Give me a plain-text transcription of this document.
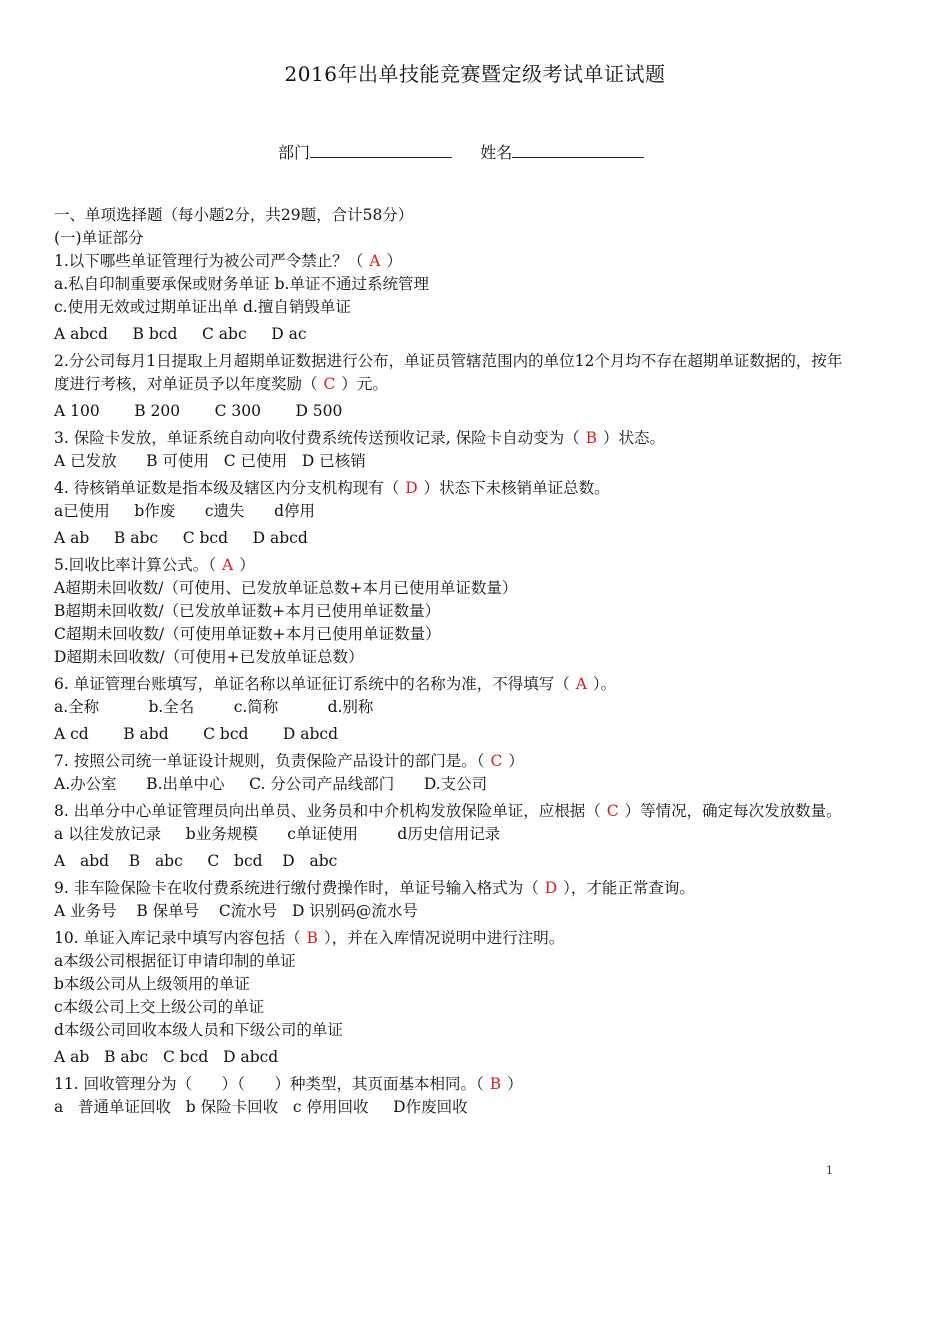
2016年出单技能竞赛暨定级考试单证试题
部门	姓名

一、单项选择题（每小题2分，共29题，合计58分）

(一)单证部分

1.以下哪些单证管理行为被公司严令禁止？（ A ）

a.私自印制重要承保或财务单证 b.单证不通过系统管理

c.使用无效或过期单证出单 d.擅自销毁单证

A abcd     B bcd     C abc     D ac

2.分公司每月1日提取上月超期单证数据进行公布，单证员管辖范围内的单位12个月均不存在超期单证数据的，按年度进行考核，对单证员予以年度奖励（ C ）元。

A 100       B 200       C 300       D 500

3. 保险卡发放，单证系统自动向收付费系统传送预收记录, 保险卡自动变为（ B ）状态。

A 已发放      B 可使用   C 已使用   D 已核销

4. 待核销单证数是指本级及辖区内分支机构现有（ D ）状态下未核销单证总数。

a已使用     b作废      c遗失      d停用

A ab     B abc     C bcd     D abcd

5.回收比率计算公式。（ A ）

A超期未回收数/（可使用、已发放单证总数+本月已使用单证数量）

B超期未回收数/（已发放单证数+本月已使用单证数量）

C超期未回收数/（可使用单证数+本月已使用单证数量）

D超期未回收数/（可使用+已发放单证总数）

6. 单证管理台账填写，单证名称以单证征订系统中的名称为准，不得填写（ A ）。

a.全称          b.全名        c.简称          d.别称

A cd       B abd       C bcd       D abcd

7. 按照公司统一单证设计规则，负责保险产品设计的部门是。（ C ）

A.办公室      B.出单中心     C. 分公司产品线部门      D.支公司

8. 出单分中心单证管理员向出单员、业务员和中介机构发放保险单证，应根据（ C ）等情况，确定每次发放数量。

a 以往发放记录     b业务规模      c单证使用        d历史信用记录

A   abd    B   abc     C   bcd    D   abc

9. 非车险保险卡在收付费系统进行缴付费操作时，单证号输入格式为（ D ），才能正常查询。

A 业务号    B 保单号    C流水号   D 识别码@流水号

10. 单证入库记录中填写内容包括（ B ），并在入库情况说明中进行注明。

a本级公司根据征订申请印制的单证

b本级公司从上级领用的单证

c本级公司上交上级公司的单证

d本级公司回收本级人员和下级公司的单证

A ab   B abc   C bcd   D abcd

11. 回收管理分为（      ）（      ）种类型，其页面基本相同。（ B ）

a   普通单证回收   b 保险卡回收   c 停用回收     D作废回收

1
